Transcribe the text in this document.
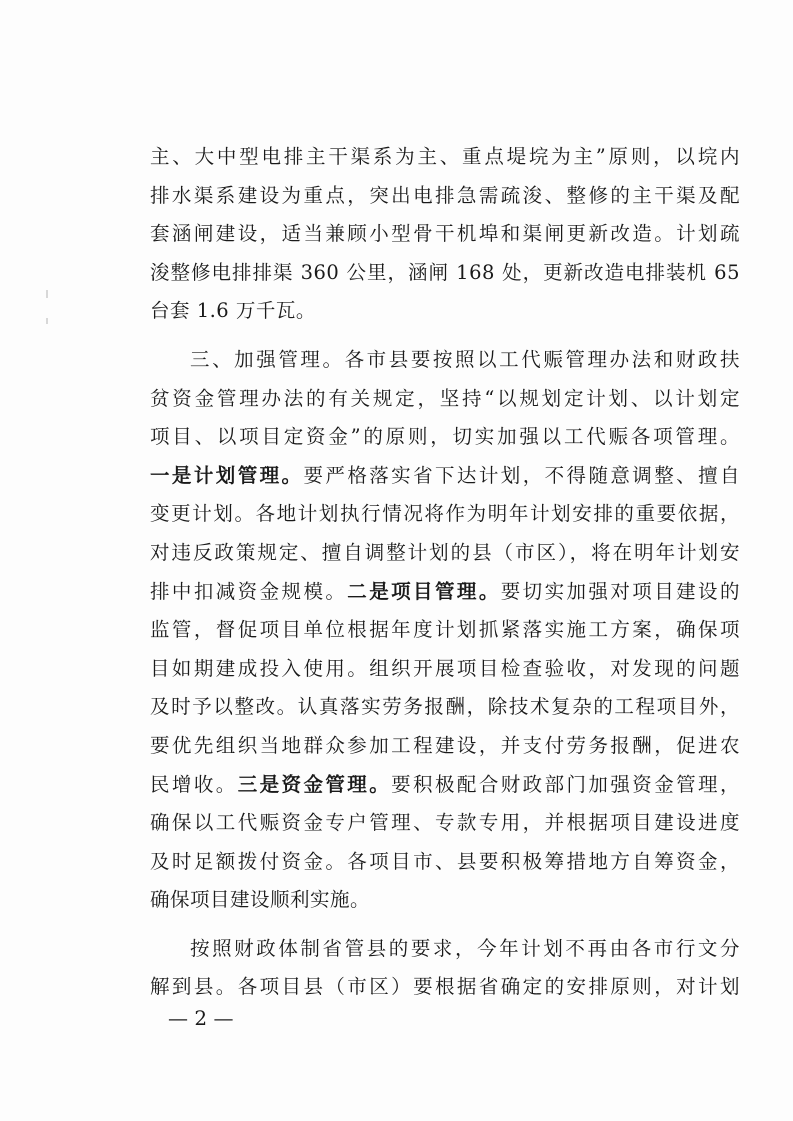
主、大中型电排主干渠系为主、重点堤垸为主”原则，以垸内
排水渠系建设为重点，突出电排急需疏浚、整修的主干渠及配
套涵闸建设，适当兼顾小型骨干机埠和渠闸更新改造。计划疏
浚整修电排排渠 360 公里，涵闸 168 处，更新改造电排装机 65
台套 1.6 万千瓦。
三、加强管理。各市县要按照以工代赈管理办法和财政扶
贫资金管理办法的有关规定，坚持“以规划定计划、以计划定
项目、以项目定资金”的原则，切实加强以工代赈各项管理。
一是计划管理。要严格落实省下达计划，不得随意调整、擅自
变更计划。各地计划执行情况将作为明年计划安排的重要依据，
对违反政策规定、擅自调整计划的县（市区），将在明年计划安
排中扣减资金规模。二是项目管理。要切实加强对项目建设的
监管，督促项目单位根据年度计划抓紧落实施工方案，确保项
目如期建成投入使用。组织开展项目检查验收，对发现的问题
及时予以整改。认真落实劳务报酬，除技术复杂的工程项目外，
要优先组织当地群众参加工程建设，并支付劳务报酬，促进农
民增收。三是资金管理。要积极配合财政部门加强资金管理，
确保以工代赈资金专户管理、专款专用，并根据项目建设进度
及时足额拨付资金。各项目市、县要积极筹措地方自筹资金，
确保项目建设顺利实施。
按照财政体制省管县的要求，今年计划不再由各市行文分
解到县。各项目县（市区）要根据省确定的安排原则，对计划
— 2 —
